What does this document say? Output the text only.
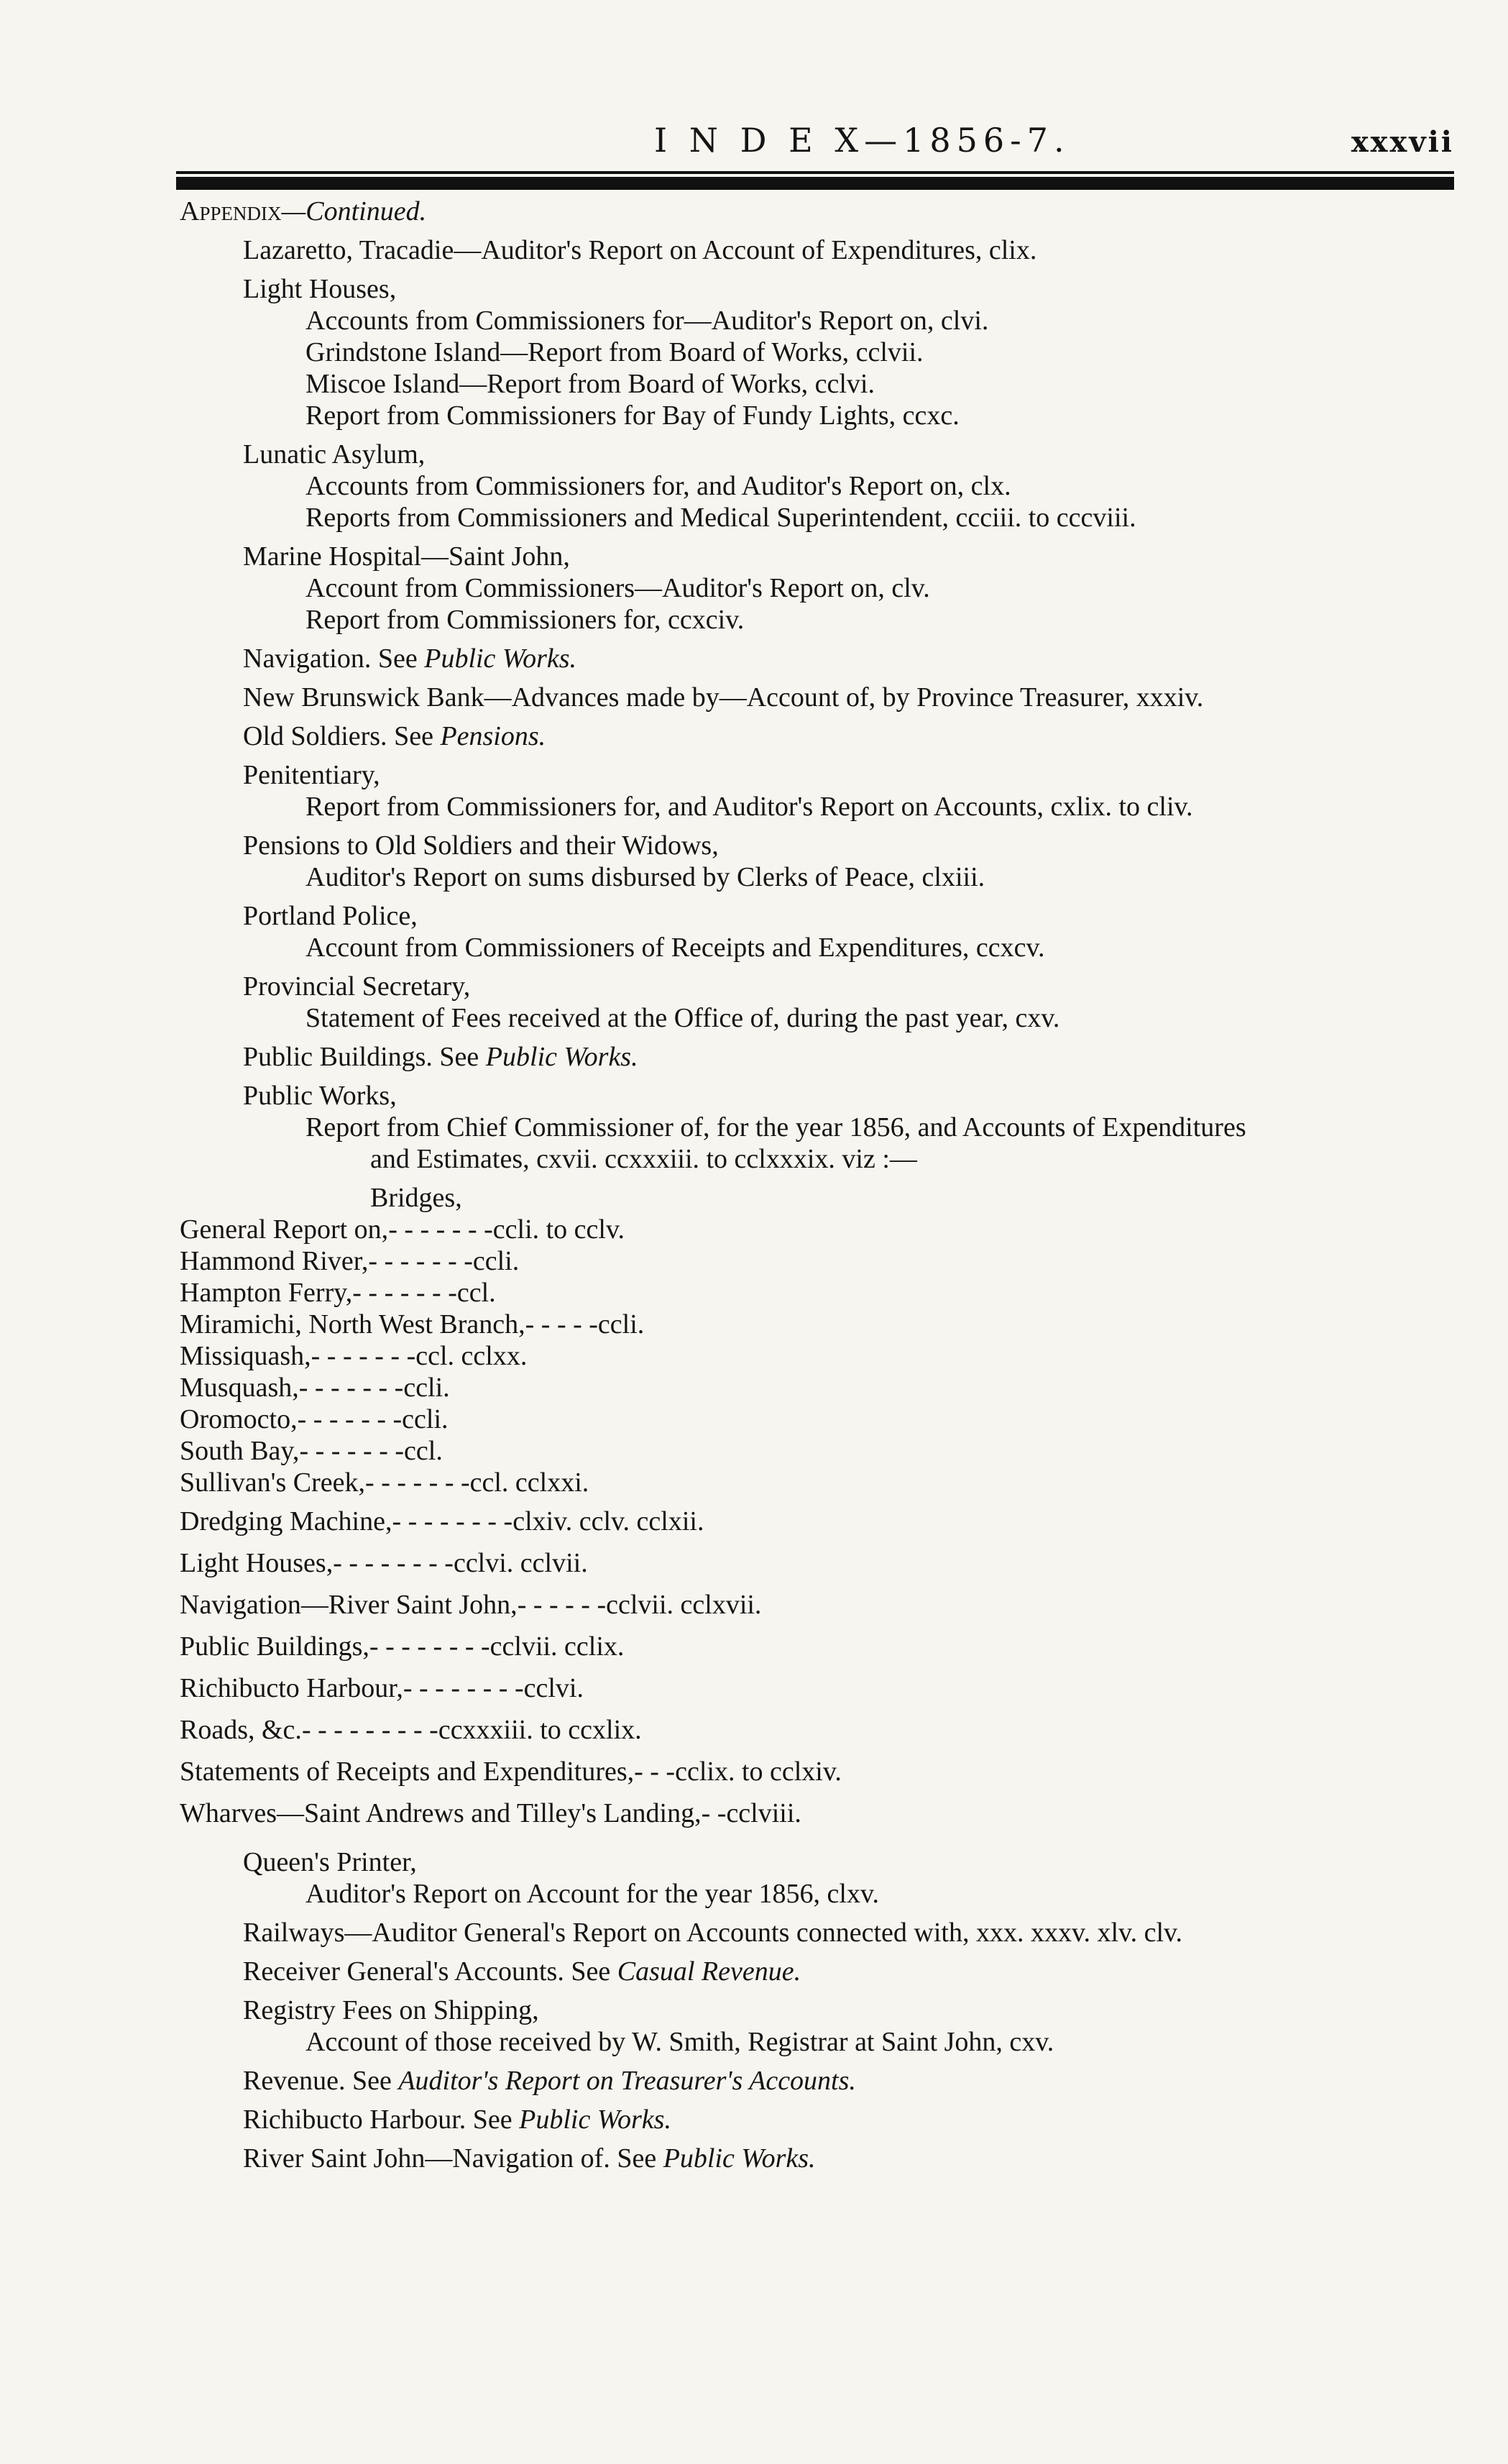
I N D E X—1856-7.	xxxvii
Appendix—Continued.
Lazaretto, Tracadie—Auditor's Report on Account of Expenditures, clix.
Light Houses,
Accounts from Commissioners for—Auditor's Report on, clvi.
Grindstone Island—Report from Board of Works, cclvii.
Miscoe Island—Report from Board of Works, cclvi.
Report from Commissioners for Bay of Fundy Lights, ccxc.
Lunatic Asylum,
Accounts from Commissioners for, and Auditor's Report on, clx.
Reports from Commissioners and Medical Superintendent, ccciii. to cccviii.
Marine Hospital—Saint John,
Account from Commissioners—Auditor's Report on, clv.
Report from Commissioners for, ccxciv.
Navigation. See Public Works.
New Brunswick Bank—Advances made by—Account of, by Province Treasurer, xxxiv.
Old Soldiers. See Pensions.
Penitentiary,
Report from Commissioners for, and Auditor's Report on Accounts, cxlix. to cliv.
Pensions to Old Soldiers and their Widows,
Auditor's Report on sums disbursed by Clerks of Peace, clxiii.
Portland Police,
Account from Commissioners of Receipts and Expenditures, ccxcv.
Provincial Secretary,
Statement of Fees received at the Office of, during the past year, cxv.
Public Buildings. See Public Works.
Public Works,
Report from Chief Commissioner of, for the year 1856, and Accounts of Expenditures
and Estimates, cxvii. ccxxxiii. to cclxxxix. viz :—
Bridges,
General Report on,- - - - - - -ccli. to cclv.
Hammond River,- - - - - - -ccli.
Hampton Ferry,- - - - - - -ccl.
Miramichi, North West Branch,- - - - -ccli.
Missiquash,- - - - - - -ccl. cclxx.
Musquash,- - - - - - -ccli.
Oromocto,- - - - - - -ccli.
South Bay,- - - - - - -ccl.
Sullivan's Creek,- - - - - - -ccl. cclxxi.
Dredging Machine,- - - - - - - -clxiv. cclv. cclxii.
Light Houses,- - - - - - - -cclvi. cclvii.
Navigation—River Saint John,- - - - - -cclvii. cclxvii.
Public Buildings,- - - - - - - -cclvii. cclix.
Richibucto Harbour,- - - - - - - -cclvi.
Roads, &c.- - - - - - - - -ccxxxiii. to ccxlix.
Statements of Receipts and Expenditures,- - -cclix. to cclxiv.
Wharves—Saint Andrews and Tilley's Landing,- -cclviii.
Queen's Printer,
Auditor's Report on Account for the year 1856, clxv.
Railways—Auditor General's Report on Accounts connected with, xxx. xxxv. xlv. clv.
Receiver General's Accounts. See Casual Revenue.
Registry Fees on Shipping,
Account of those received by W. Smith, Registrar at Saint John, cxv.
Revenue. See Auditor's Report on Treasurer's Accounts.
Richibucto Harbour. See Public Works.
River Saint John—Navigation of. See Public Works.
